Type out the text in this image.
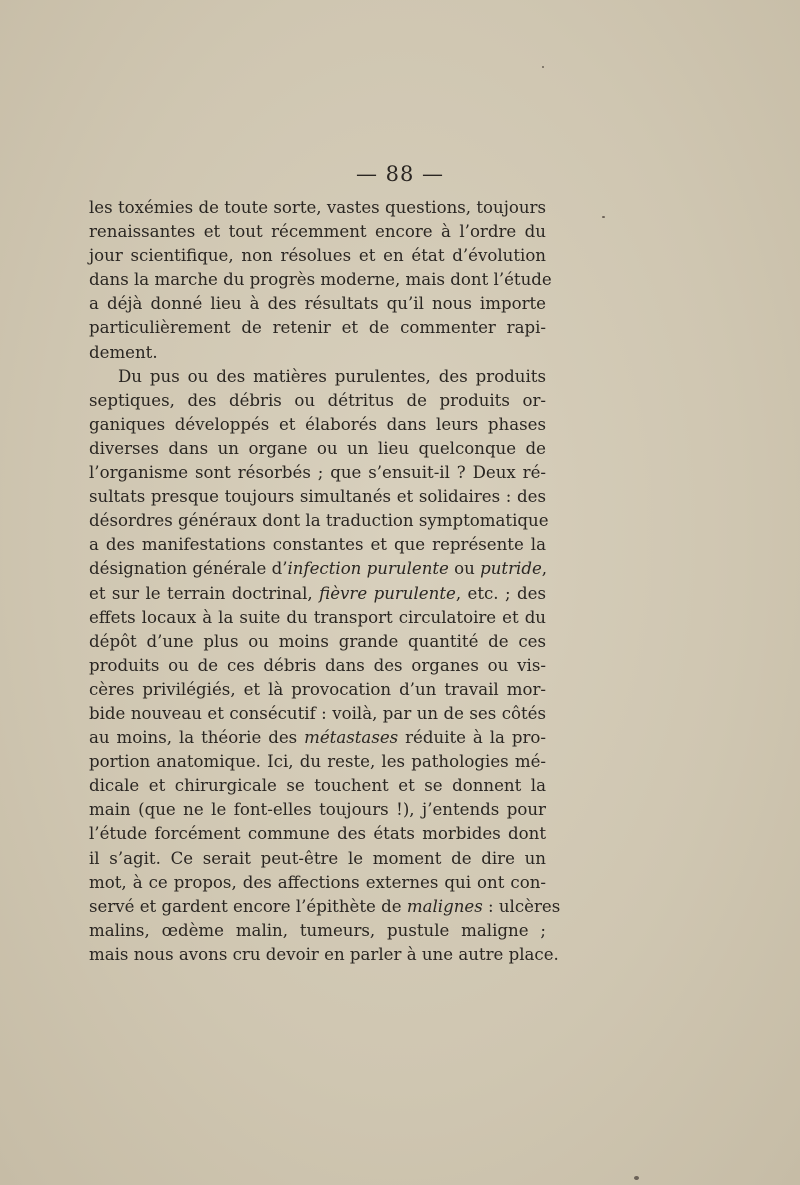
— 88 —
les toxémies de toute sorte, vastes questions, toujours
renaissantes et tout récemment encore à l’ordre du
jour scientifique, non résolues et en état d’évolution
dans la marche du progrès moderne, mais dont l’étude
a déjà donné lieu à des résultats qu’il nous importe
particulièrement de retenir et de commenter rapi-
dement.
Du pus ou des matières purulentes, des produits
septiques, des débris ou détritus de produits or-
ganiques développés et élaborés dans leurs phases
diverses dans un organe ou un lieu quelconque de
l’organisme sont résorbés ; que s’ensuit-il ? Deux ré-
sultats presque toujours simultanés et solidaires : des
désordres généraux dont la traduction symptomatique
a des manifestations constantes et que représente la
désignation générale d’infection purulente ou putride,
et sur le terrain doctrinal, fièvre purulente, etc. ; des
effets locaux à la suite du transport circulatoire et du
dépôt d’une plus ou moins grande quantité de ces
produits ou de ces débris dans des organes ou vis-
cères privilégiés, et là provocation d’un travail mor-
bide nouveau et consécutif : voilà, par un de ses côtés
au moins, la théorie des métastases réduite à la pro-
portion anatomique. Ici, du reste, les pathologies mé-
dicale et chirurgicale se touchent et se donnent la
main (que ne le font-elles toujours !), j’entends pour
l’étude forcément commune des états morbides dont
il s’agit. Ce serait peut-être le moment de dire un
mot, à ce propos, des affections externes qui ont con-
servé et gardent encore l’épithète de malignes : ulcères
malins, œdème malin, tumeurs, pustule maligne ;
mais nous avons cru devoir en parler à une autre place.
